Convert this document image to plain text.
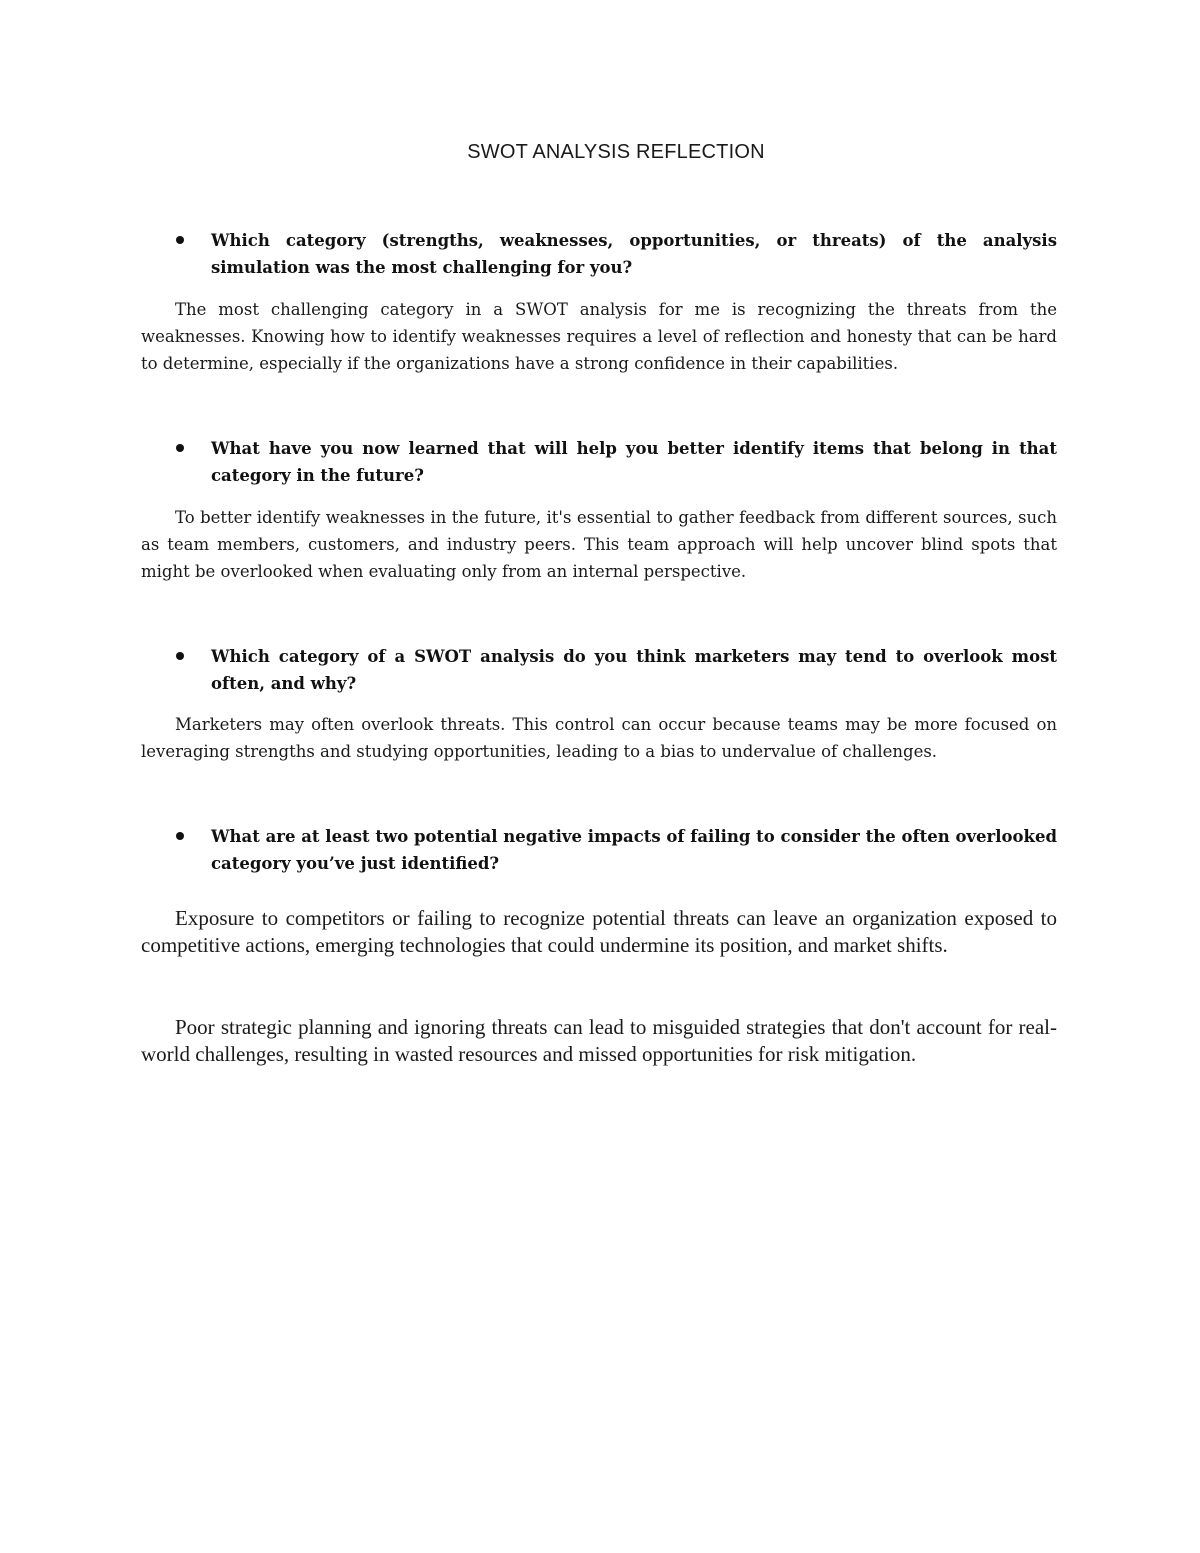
SWOT ANALYSIS REFLECTION
Which category (strengths, weaknesses, opportunities, or threats) of the analysis simulation was the most challenging for you?

The most challenging category in a SWOT analysis for me is recognizing the threats from the weaknesses. Knowing how to identify weaknesses requires a level of reflection and honesty that can be hard to determine, especially if the organizations have a strong confidence in their capabilities.

What have you now learned that will help you better identify items that belong in that category in the future?

To better identify weaknesses in the future, it's essential to gather feedback from different sources, such as team members, customers, and industry peers. This team approach will help uncover blind spots that might be overlooked when evaluating only from an internal perspective.

Which category of a SWOT analysis do you think marketers may tend to overlook most often, and why?

Marketers may often overlook threats. This control can occur because teams may be more focused on leveraging strengths and studying opportunities, leading to a bias to undervalue of challenges.

What are at least two potential negative impacts of failing to consider the often overlooked category you’ve just identified?

Exposure to competitors or failing to recognize potential threats can leave an organization exposed to competitive actions, emerging technologies that could undermine its position, and market shifts.

Poor strategic planning and ignoring threats can lead to misguided strategies that don't account for real-world challenges, resulting in wasted resources and missed opportunities for risk mitigation.
